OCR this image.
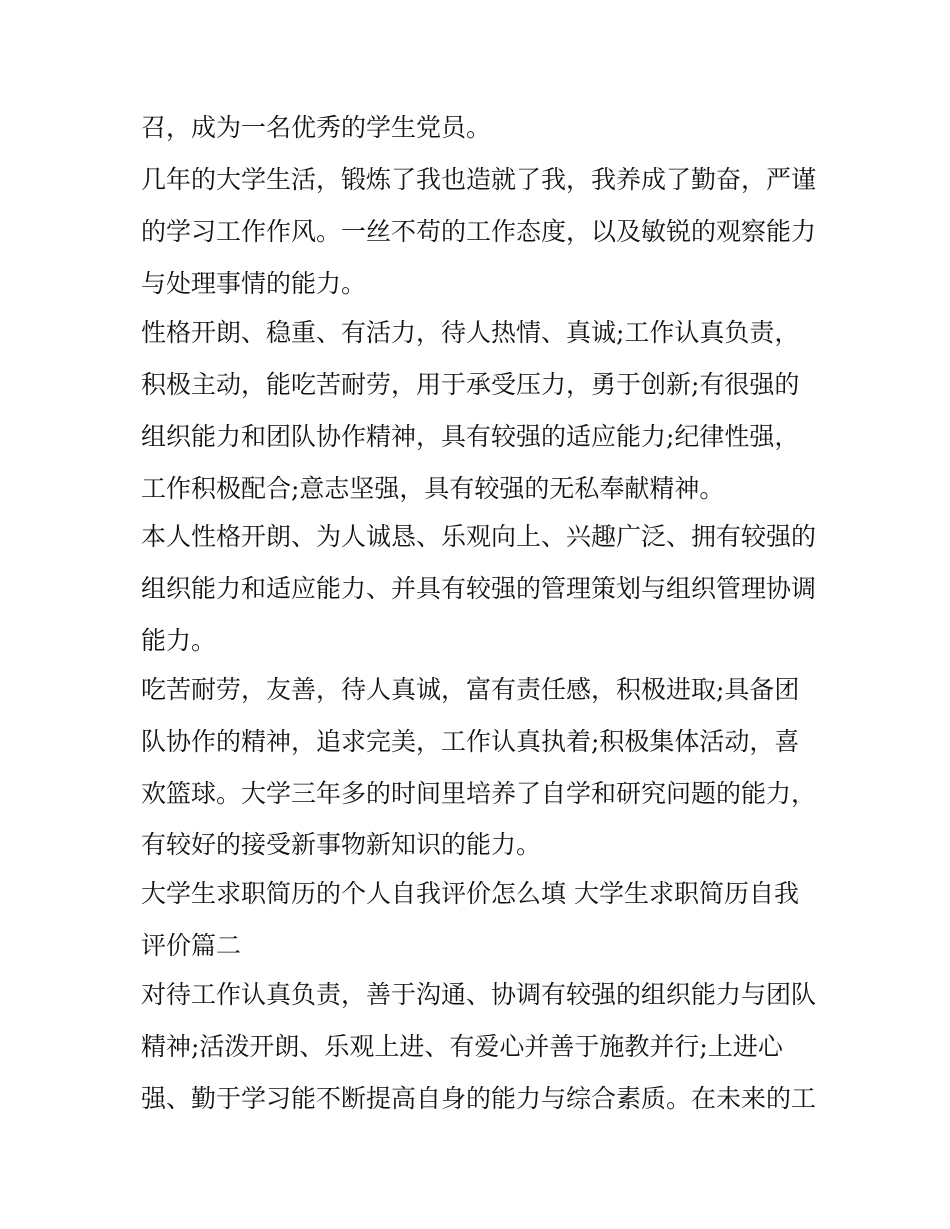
召，成为一名优秀的学生党员。
几年的大学生活，锻炼了我也造就了我，我养成了勤奋，严谨
的学习工作作风。一丝不苟的工作态度，以及敏锐的观察能力
与处理事情的能力。
性格开朗、稳重、有活力，待人热情、真诚;工作认真负责，
积极主动，能吃苦耐劳，用于承受压力，勇于创新;有很强的
组织能力和团队协作精神，具有较强的适应能力;纪律性强，
工作积极配合;意志坚强，具有较强的无私奉献精神。
本人性格开朗、为人诚恳、乐观向上、兴趣广泛、拥有较强的
组织能力和适应能力、并具有较强的管理策划与组织管理协调
能力。
吃苦耐劳，友善，待人真诚，富有责任感，积极进取;具备团
队协作的精神，追求完美，工作认真执着;积极集体活动，喜
欢篮球。大学三年多的时间里培养了自学和研究问题的能力，
有较好的接受新事物新知识的能力。
大学生求职简历的个人自我评价怎么填 大学生求职简历自我
评价篇二
对待工作认真负责，善于沟通、协调有较强的组织能力与团队
精神;活泼开朗、乐观上进、有爱心并善于施教并行;上进心
强、勤于学习能不断提高自身的能力与综合素质。在未来的工
